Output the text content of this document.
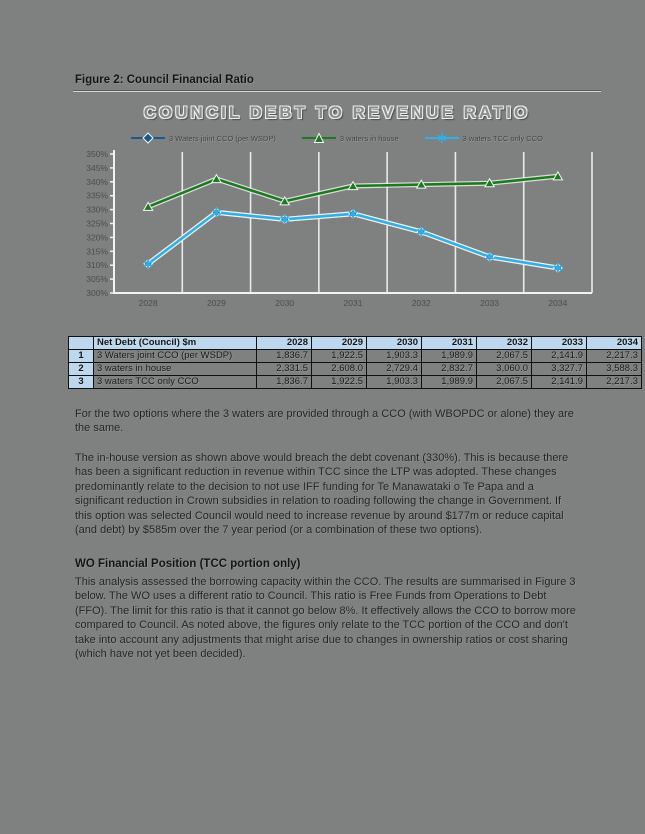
Figure 2: Council Financial Ratio
COUNCIL DEBT TO REVENUE RATIO
3 Waters joint CCO (per WSDP)	3 waters in house	3 waters TCC only CCO
300%
305%
310%
315%
320%
325%
330%
335%
340%
345%
350%
2028	2029	2030	2031	2032	2033	2034
	Net Debt (Council) $m	2028	2029	2030	2031	2032	2033	2034
1	3 Waters joint CCO (per WSDP)	1,836.7	1,922.5	1,903.3	1,989.9	2,067.5	2,141.9	2,217.3
2	3 waters in house	2,331.5	2,608.0	2,729.4	2,832.7	3,060.0	3,327.7	3,588.3
3	3 waters TCC only CCO	1,836.7	1,922.5	1,903.3	1,989.9	2,067.5	2,141.9	2,217.3
For the two options where the 3 waters are provided through a CCO (with WBOPDC or alone) they are the same.
The in-house version as shown above would breach the debt covenant (330%). This is because there has been a significant reduction in revenue within TCC since the LTP was adopted. These changes predominantly relate to the decision to not use IFF funding for Te Manawataki o Te Papa and a significant reduction in Crown subsidies in relation to roading following the change in Government. If this option was selected Council would need to increase revenue by around $177m or reduce capital (and debt) by $585m over the 7 year period (or a combination of these two options).
WO Financial Position (TCC portion only)
This analysis assessed the borrowing capacity within the CCO. The results are summarised in Figure 3 below. The WO uses a different ratio to Council. This ratio is Free Funds from Operations to Debt (FFO). The limit for this ratio is that it cannot go below 8%. It effectively allows the CCO to borrow more compared to Council. As noted above, the figures only relate to the TCC portion of the CCO and don't take into account any adjustments that might arise due to changes in ownership ratios or cost sharing (which have not yet been decided).
